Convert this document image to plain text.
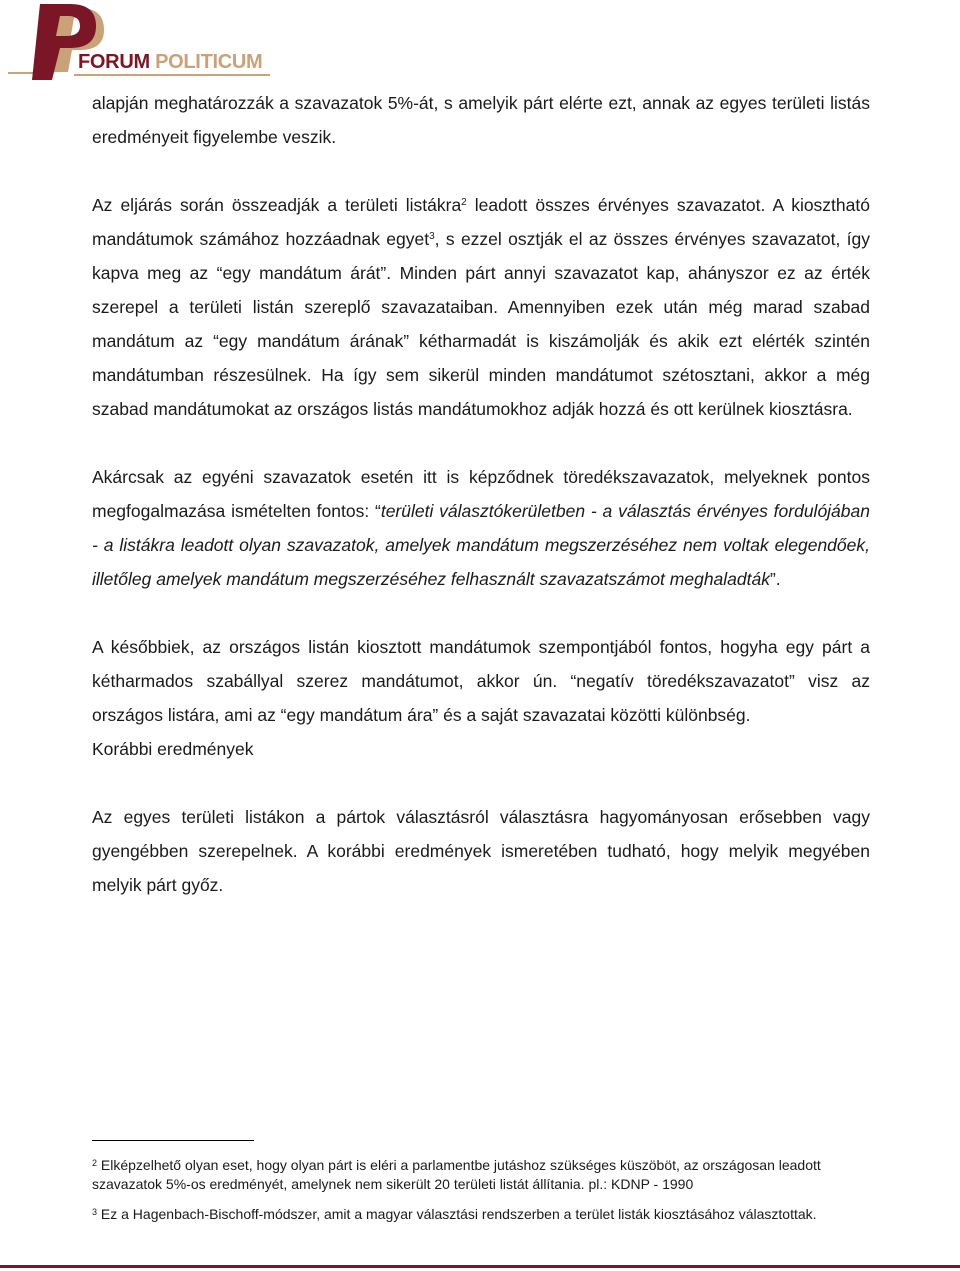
FORUM POLITICUM

alapján meghatározzák a szavazatok 5%-át, s amelyik párt elérte ezt, annak az egyes területi listás eredményeit figyelembe veszik.

Az eljárás során összeadják a területi listákra$^2$ leadott összes érvényes szavazatot. A kiosztható mandátumok számához hozzáadnak egyet$^3$, s ezzel osztják el az összes érvényes szavazatot, így kapva meg az “egy mandátum árát”. Minden párt annyi szavazatot kap, ahányszor ez az érték szerepel a területi listán szereplő szavazataiban. Amennyiben ezek után még marad szabad mandátum az “egy mandátum árának” kétharmadát is kiszámolják és akik ezt elérték szintén mandátumban részesülnek. Ha így sem sikerül minden mandátumot szétosztani, akkor a még szabad mandátumokat az országos listás mandátumokhoz adják hozzá és ott kerülnek kiosztásra.

Akárcsak az egyéni szavazatok esetén itt is képződnek töredékszavazatok, melyeknek pontos megfogalmazása ismételten fontos: “területi választókerületben - a választás érvényes fordulójában - a listákra leadott olyan szavazatok, amelyek mandátum megszerzéséhez nem voltak elegendőek, illetőleg amelyek mandátum megszerzéséhez felhasznált szavazatszámot meghaladták”.

A későbbiek, az országos listán kiosztott mandátumok szempontjából fontos, hogyha egy párt a kétharmados szabállyal szerez mandátumot, akkor ún. “negatív töredékszavazatot” visz az országos listára, ami az “egy mandátum ára” és a saját szavazatai közötti különbség.

Korábbi eredmények

Az egyes területi listákon a pártok választásról választásra hagyományosan erősebben vagy gyengébben szerepelnek. A korábbi eredmények ismeretében tudható, hogy melyik megyében melyik párt győz.

$^2$ Elképzelhető olyan eset, hogy olyan párt is eléri a parlamentbe jutáshoz szükséges küszöböt, az országosan leadott szavazatok 5%-os eredményét, amelynek nem sikerült 20 területi listát állítania. pl.: KDNP - 1990

$^3$ Ez a Hagenbach-Bischoff-módszer, amit a magyar választási rendszerben a terület listák kiosztásához választottak.
